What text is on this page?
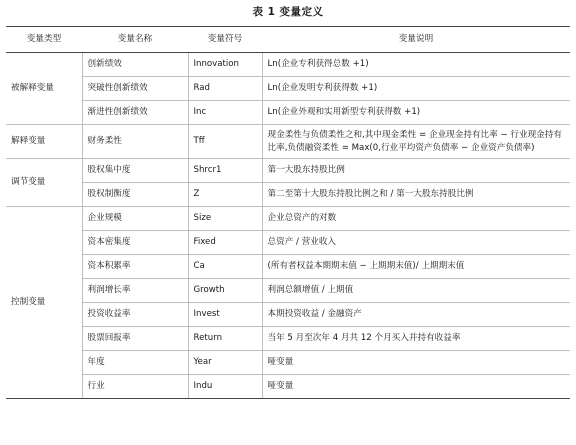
表 1 变量定义
变量类型	变量名称	变量符号	变量说明
被解释变量	创新绩效	Innovation	Ln(企业专利获得总数 +1)
	突破性创新绩效	Rad	Ln(企业发明专利获得数 +1)
	渐进性创新绩效	Inc	Ln(企业外观和实用新型专利获得数 +1)
解释变量	财务柔性	Tff	现金柔性与负债柔性之和,其中现金柔性 = 企业现金持有比率 − 行业现金持有比率,负债融资柔性 = Max(0,行业平均资产负债率 − 企业资产负债率)
调节变量	股权集中度	Shrcr1	第一大股东持股比例
	股权制衡度	Z	第二至第十大股东持股比例之和 / 第一大股东持股比例
控制变量	企业规模	Size	企业总资产的对数
	资本密集度	Fixed	总资产 / 营业收入
	资本积累率	Ca	(所有者权益本期期末值 − 上期期末值)/ 上期期末值
	利润增长率	Growth	利润总额增值 / 上期值
	投资收益率	Invest	本期投资收益 / 金融资产
	股票回报率	Return	当年 5 月至次年 4 月共 12 个月买入并持有收益率
	年度	Year	哑变量
	行业	Indu	哑变量
